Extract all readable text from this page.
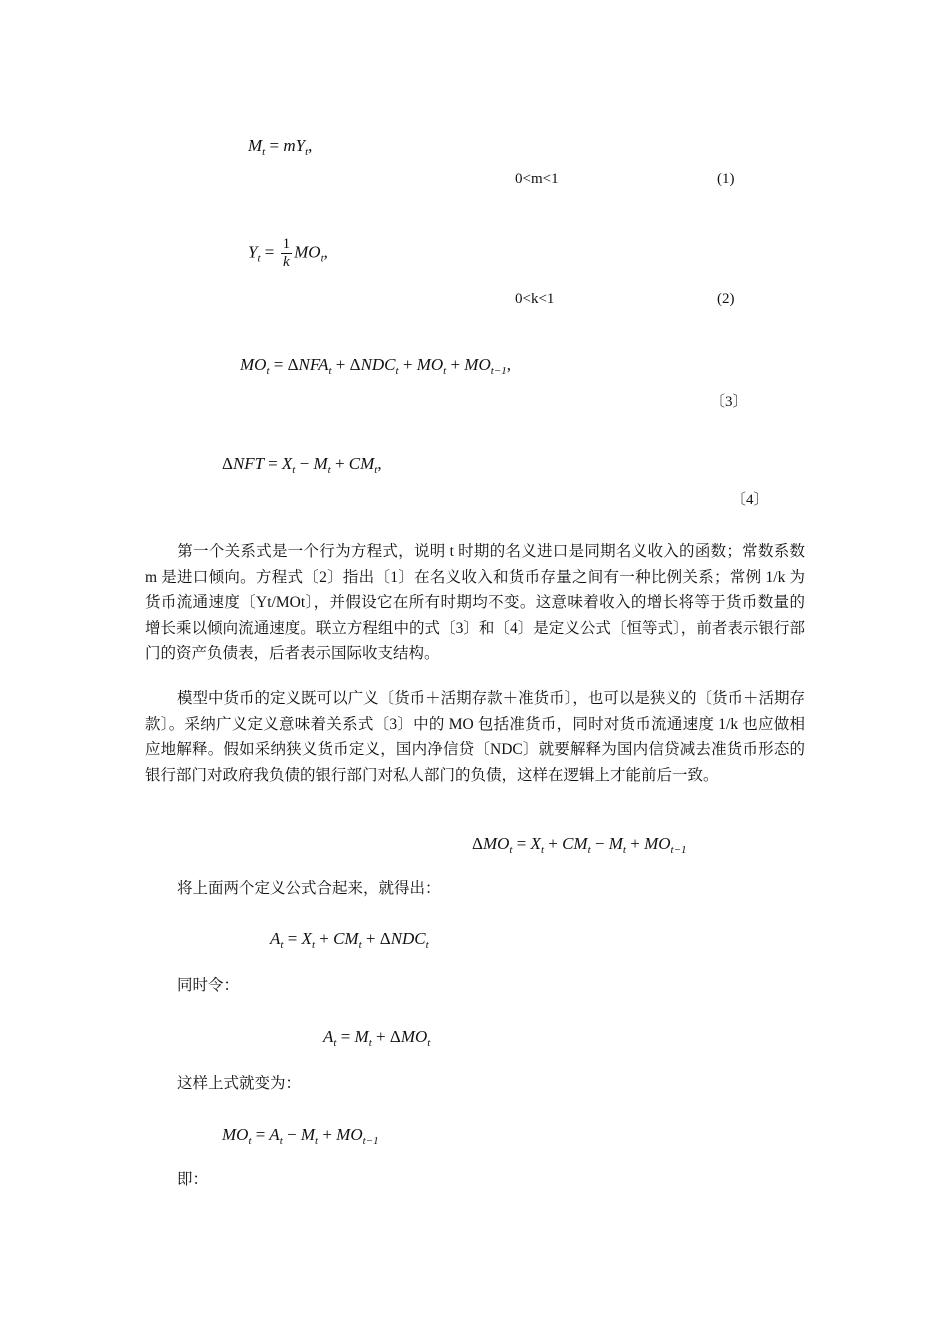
$M_t = mY_t$,
0<m<1	(1)
$Y_t = \frac{1}{k} MO_t$,
0<k<1	(2)
$MO_t = \Delta NFA_t + \Delta NDC_t + MO_t + MO_{t-1}$,
〔3〕
$\Delta NFT = X_t - M_t + CM_t$,
〔4〕
第一个关系式是一个行为方程式，说明 t 时期的名义进口是同期名义收入的函数；常数系数 m 是进口倾向。方程式〔2〕指出〔1〕在名义收入和货币存量之间有一种比例关系；常例 1/k 为货币流通速度〔Yt/MOt〕，并假设它在所有时期均不变。这意味着收入的增长将等于货币数量的增长乘以倾向流通速度。联立方程组中的式〔3〕和〔4〕是定义公式〔恒等式〕，前者表示银行部门的资产负债表，后者表示国际收支结构。
模型中货币的定义既可以广义〔货币＋活期存款＋准货币〕，也可以是狭义的〔货币＋活期存款〕。采纳广义定义意味着关系式〔3〕中的 MO 包括准货币，同时对货币流通速度 1/k 也应做相应地解释。假如采纳狭义货币定义，国内净信贷〔NDC〕就要解释为国内信贷减去准货币形态的银行部门对政府我负债的银行部门对私人部门的负债，这样在逻辑上才能前后一致。
$\Delta MO_t = X_t + CM_t - M_t + MO_{t-1}$
将上面两个定义公式合起来，就得出：
$A_t = X_t + CM_t + \Delta NDC_t$
同时令：
$A_t = M_t + \Delta MO_t$
这样上式就变为：
$MO_t = A_t - M_t + MO_{t-1}$
即：
